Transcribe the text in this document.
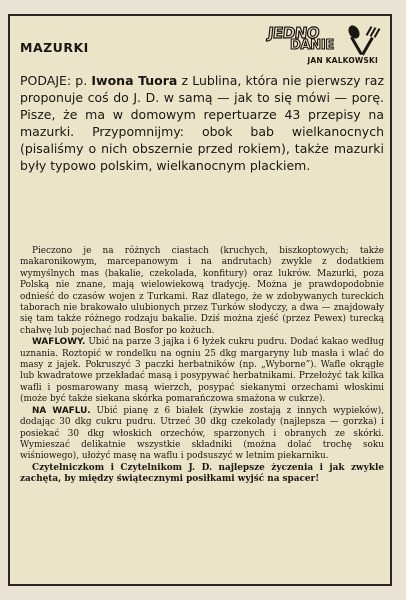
MAZURKI
JEDNO
DANIE
JAN KALKOWSKI
PODAJE: p. Iwona Tuora z Lublina, która nie pierwszy raz proponuje coś do J. D. w samą — jak to się mówi — porę. Pisze, że ma w domowym repertuarze 43 przepisy na mazurki. Przypomnijmy: obok bab wielkanocnych (pisaliśmy o nich obszernie przed rokiem), także mazurki były typowo polskim, wielkanocnym plackiem.

Pieczono je na różnych ciastach (kruchych, biszkoptowych; także makaronikowym, marcepanowym i na andrutach) zwykle z dodatkiem wymyślnych mas (bakalie, czekolada, konfitury) oraz lukrów. Mazurki, poza Polską nie znane, mają wielowiekową tradycję. Można je prawdopodobnie odnieść do czasów wojen z Turkami. Raz dlatego, że w zdobywanych tureckich taborach nie brakowało ulubionych przez Turków słodyczy, a dwa — znajdowały się tam także różnego rodzaju bakalie. Dziś można zjeść (przez Pewex) turecką chałwę lub pojechać nad Bosfor po kożuch.

WAFLOWY. Ubić na parze 3 jajka i 6 łyżek cukru pudru. Dodać kakao według uznania. Roztopić w rondelku na ogniu 25 dkg margaryny lub masła i wlać do masy z jajek. Pokruszyć 3 paczki herbatników (np. „Wyborne”). Wafle okrągłe lub kwadratowe przekładać masą i posypywać herbatnikami. Przełożyć tak kilka wafli i posmarowany masą wierzch, posypać siekanymi orzechami włoskimi (może być także siekana skórka pomarańczowa smażona w cukrze).

NA WAFLU. Ubić pianę z 6 białek (żywkie zostają z innych wypieków), dodając 30 dkg cukru pudru. Utrzeć 30 dkg czekolady (najlepsza — gorzka) i posiekać 30 dkg włoskich orzechów, sparzonych i obranych ze skórki. Wymieszać delikatnie wszystkie składniki (można dolać trochę soku wiśniowego), ułożyć masę na waflu i podsuszyć w letnim piekarniku.

Czytelniczkom i Czytelnikom J. D. najlepsze życzenia i jak zwykle zachęta, by między świątecznymi posiłkami wyjść na spacer!
